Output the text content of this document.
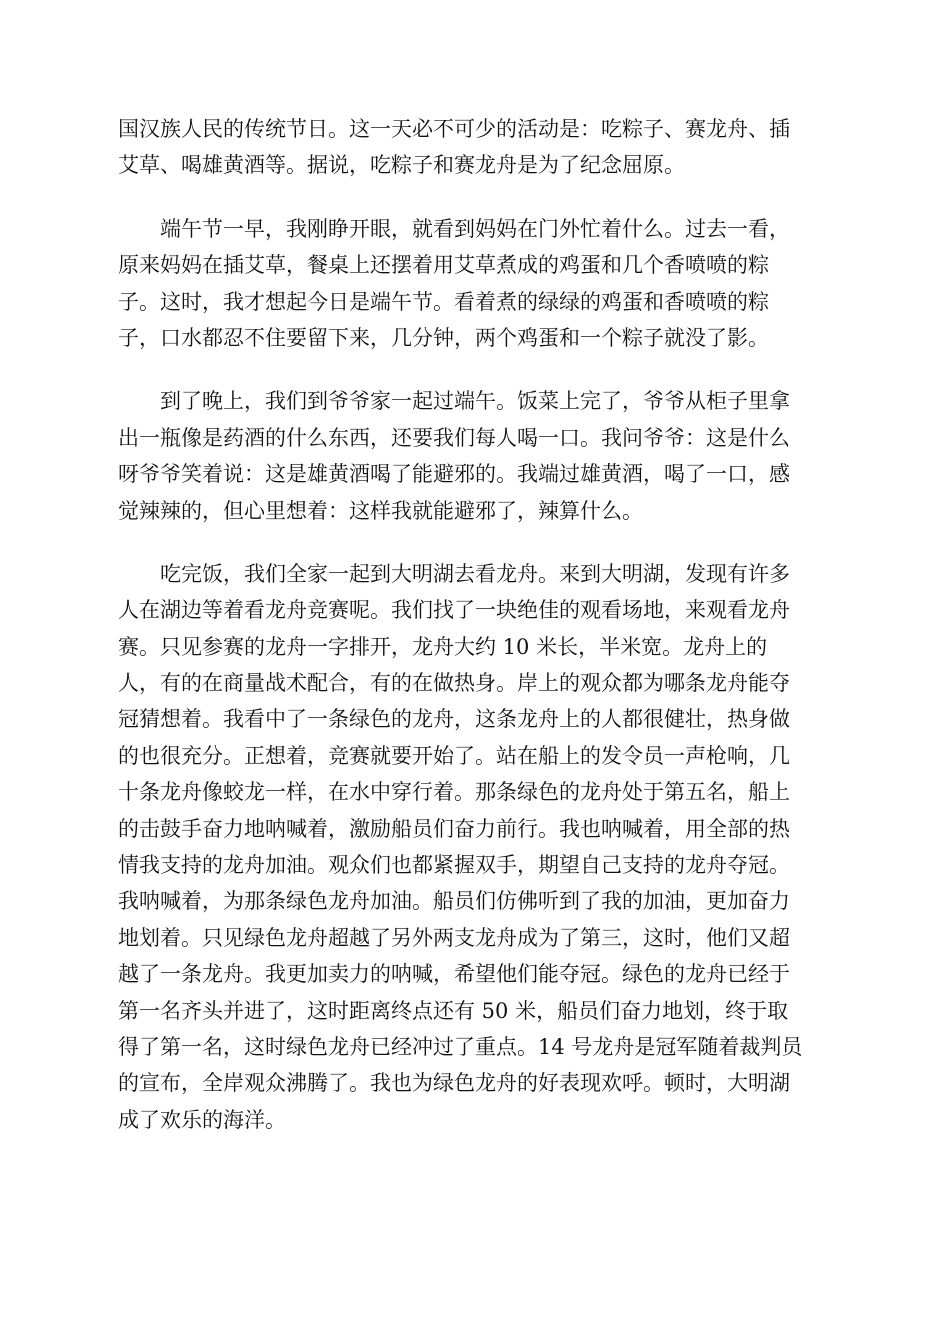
国汉族人民的传统节日。这一天必不可少的活动是：吃粽子、赛龙舟、插
艾草、喝雄黄酒等。据说，吃粽子和赛龙舟是为了纪念屈原。
端午节一早，我刚睁开眼，就看到妈妈在门外忙着什么。过去一看，
原来妈妈在插艾草，餐桌上还摆着用艾草煮成的鸡蛋和几个香喷喷的粽
子。这时，我才想起今日是端午节。看着煮的绿绿的鸡蛋和香喷喷的粽
子，口水都忍不住要留下来，几分钟，两个鸡蛋和一个粽子就没了影。
到了晚上，我们到爷爷家一起过端午。饭菜上完了，爷爷从柜子里拿
出一瓶像是药酒的什么东西，还要我们每人喝一口。我问爷爷：这是什么
呀爷爷笑着说：这是雄黄酒喝了能避邪的。我端过雄黄酒，喝了一口，感
觉辣辣的，但心里想着：这样我就能避邪了，辣算什么。
吃完饭，我们全家一起到大明湖去看龙舟。来到大明湖，发现有许多
人在湖边等着看龙舟竞赛呢。我们找了一块绝佳的观看场地，来观看龙舟
赛。只见参赛的龙舟一字排开，龙舟大约 10 米长，半米宽。龙舟上的
人，有的在商量战术配合，有的在做热身。岸上的观众都为哪条龙舟能夺
冠猜想着。我看中了一条绿色的龙舟，这条龙舟上的人都很健壮，热身做
的也很充分。正想着，竞赛就要开始了。站在船上的发令员一声枪响，几
十条龙舟像蛟龙一样，在水中穿行着。那条绿色的龙舟处于第五名，船上
的击鼓手奋力地呐喊着，激励船员们奋力前行。我也呐喊着，用全部的热
情我支持的龙舟加油。观众们也都紧握双手，期望自己支持的龙舟夺冠。
我呐喊着，为那条绿色龙舟加油。船员们仿佛听到了我的加油，更加奋力
地划着。只见绿色龙舟超越了另外两支龙舟成为了第三，这时，他们又超
越了一条龙舟。我更加卖力的呐喊，希望他们能夺冠。绿色的龙舟已经于
第一名齐头并进了，这时距离终点还有 50 米，船员们奋力地划，终于取
得了第一名，这时绿色龙舟已经冲过了重点。14 号龙舟是冠军随着裁判员
的宣布，全岸观众沸腾了。我也为绿色龙舟的好表现欢呼。顿时，大明湖
成了欢乐的海洋。
